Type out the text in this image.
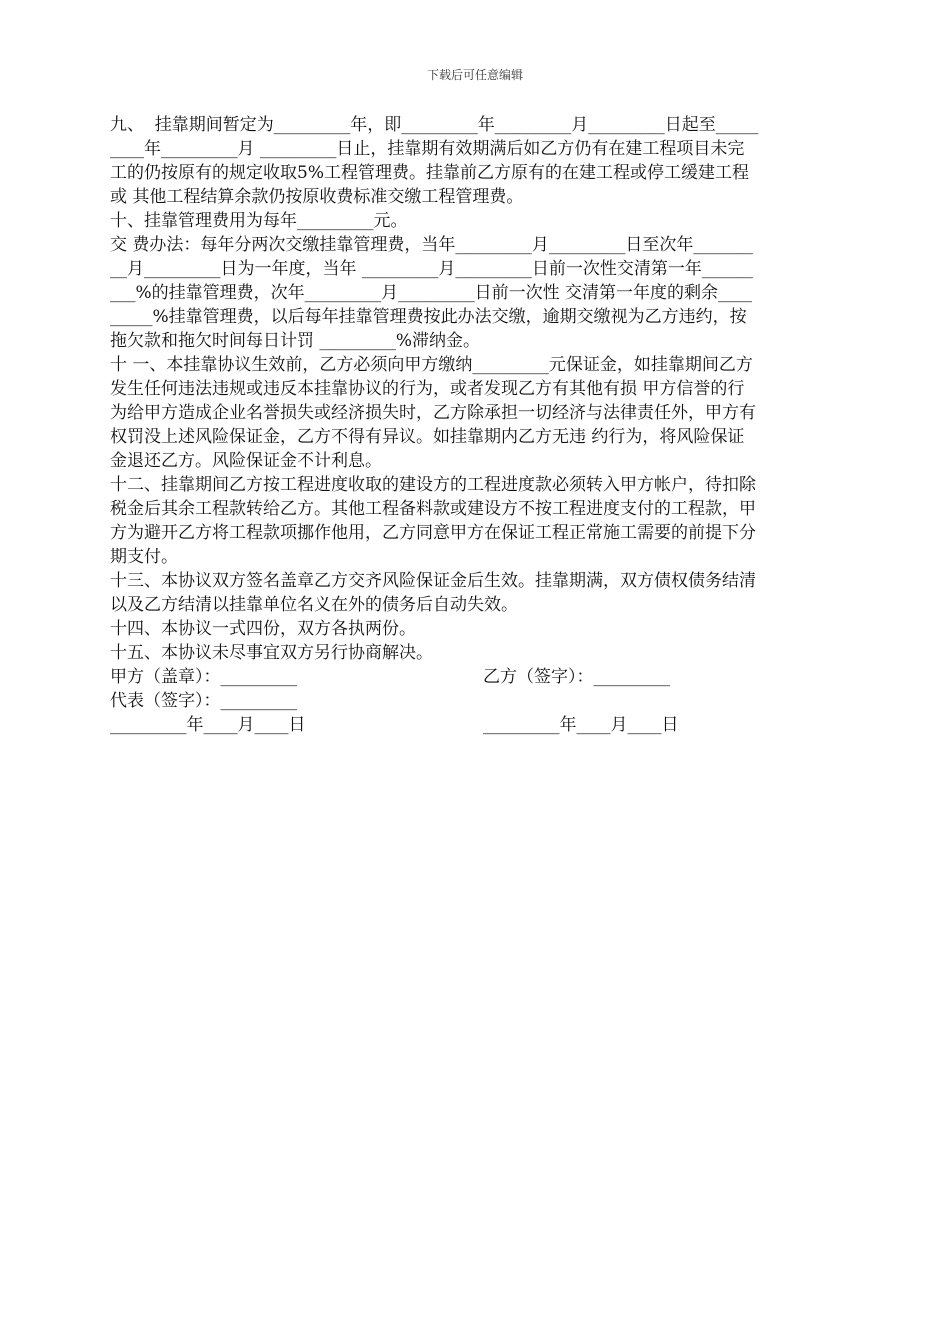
下载后可任意编辑
九、  挂靠期间暂定为_________年，即_________年_________月_________日起至_____
____年_________月 _________日止，挂靠期有效期满后如乙方仍有在建工程项目未完
工的仍按原有的规定收取5%工程管理费。挂靠前乙方原有的在建工程或停工缓建工程
或 其他工程结算余款仍按原收费标准交缴工程管理费。
十、挂靠管理费用为每年_________元。
交 费办法：每年分两次交缴挂靠管理费，当年_________月_________日至次年_______
__月_________日为一年度，当年 _________月_________日前一次性交清第一年______
___%的挂靠管理费，次年_________月_________日前一次性 交清第一年度的剩余____
_____%挂靠管理费，以后每年挂靠管理费按此办法交缴，逾期交缴视为乙方违约，按
拖欠款和拖欠时间每日计罚 _________%滞纳金。
十 一、本挂靠协议生效前，乙方必须向甲方缴纳_________元保证金，如挂靠期间乙方
发生任何违法违规或违反本挂靠协议的行为，或者发现乙方有其他有损 甲方信誉的行
为给甲方造成企业名誉损失或经济损失时，乙方除承担一切经济与法律责任外，甲方有
权罚没上述风险保证金，乙方不得有异议。如挂靠期内乙方无违 约行为，将风险保证
金退还乙方。风险保证金不计利息。
十二、挂靠期间乙方按工程进度收取的建设方的工程进度款必须转入甲方帐户，待扣除
税金后其余工程款转给乙方。其他工程备料款或建设方不按工程进度支付的工程款，甲
方为避开乙方将工程款项挪作他用，乙方同意甲方在保证工程正常施工需要的前提下分
期支付。
十三、本协议双方签名盖章乙方交齐风险保证金后生效。挂靠期满，双方债权债务结清
以及乙方结清以挂靠单位名义在外的债务后自动失效。
十四、本协议一式四份，双方各执两份。
十五、本协议未尽事宜双方另行协商解决。

甲方（盖章）：_________

	乙方（签字）：_________

代表（签字）：_________

_________年____月____日

	_________年____月____日
